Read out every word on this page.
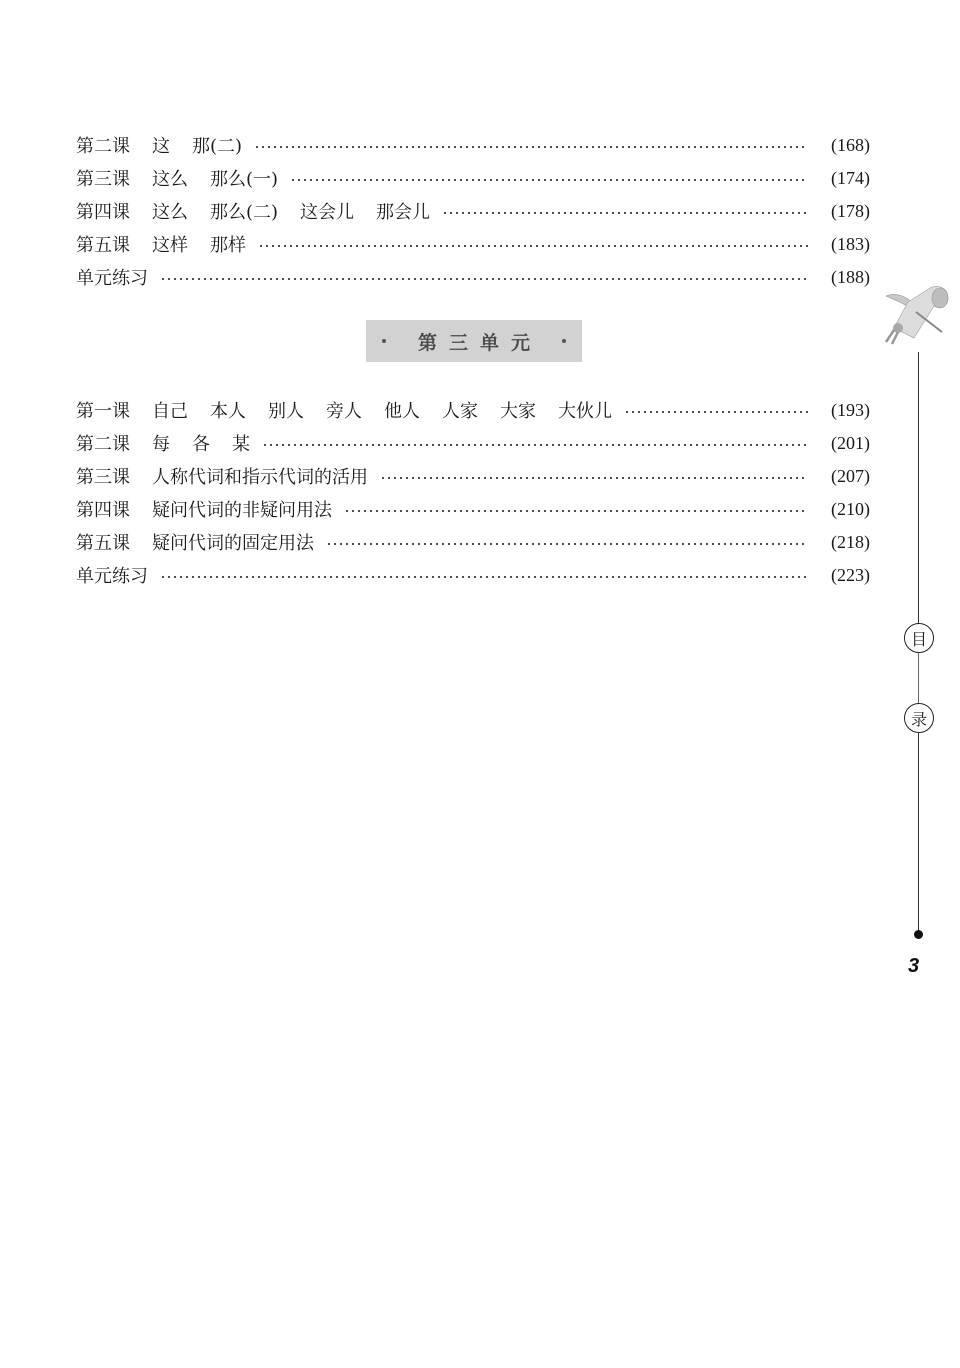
第二课 这 那(二)	(168)
第三课 这么 那么(一)	(174)
第四课 这么 那么(二) 这会儿 那会儿	(178)
第五课 这样 那样	(183)
单元练习	(188)
第三单元
第一课 自己 本人 别人 旁人 他人 人家 大家 大伙儿	(193)
第二课 每 各 某	(201)
第三课 人称代词和指示代词的活用	(207)
第四课 疑问代词的非疑问用法	(210)
第五课 疑问代词的固定用法	(218)
单元练习	(223)
目
录
3
